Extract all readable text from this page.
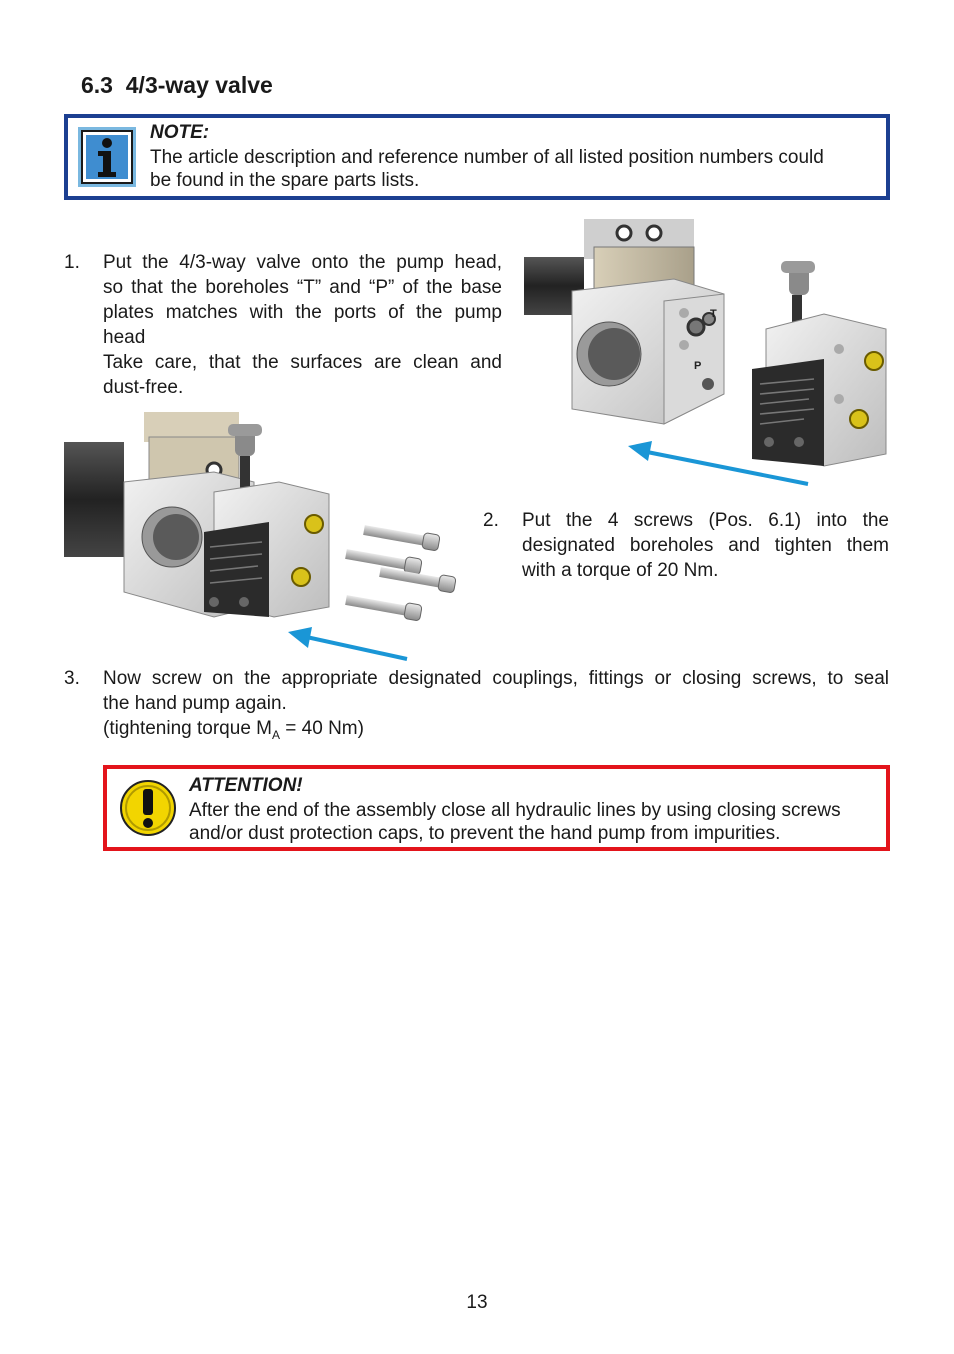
6.3 4/3-way valve
NOTE:
The article description and reference number of all listed position numbers could
be found in the spare parts lists.
1. Put the 4/3-way valve onto the pump head,
so that the boreholes “T” and “P” of the base
plates matches with the ports of the pump
head
Take care, that the surfaces are clean and
dust-free.
T
P
2. Put the 4 screws (Pos. 6.1) into the
designated boreholes and tighten them
with a torque of 20 Nm.
3. Now screw on the appropriate designated couplings, fittings or closing screws, to seal
the hand pump again.
(tightening torque $M_A = 40$ Nm)
ATTENTION!
After the end of the assembly close all hydraulic lines by using closing screws
and/or dust protection caps, to prevent the hand pump from impurities.
13
